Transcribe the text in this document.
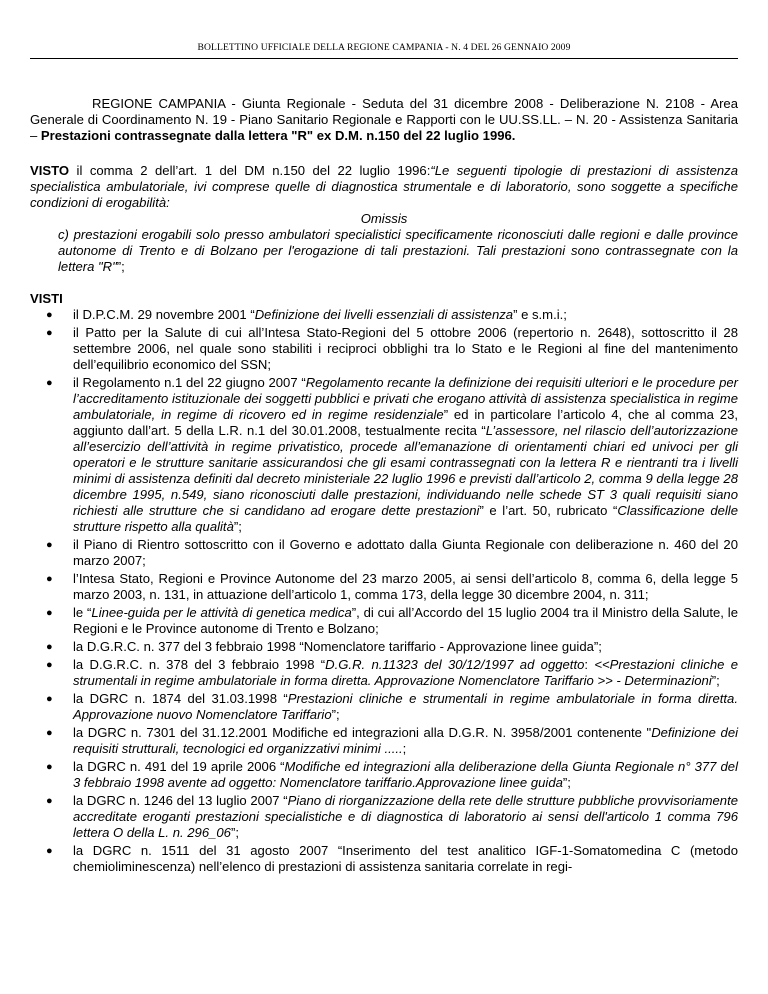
BOLLETTINO UFFICIALE DELLA REGIONE CAMPANIA - N. 4 DEL 26 GENNAIO 2009

REGIONE CAMPANIA - Giunta Regionale - Seduta del 31 dicembre 2008 - Deliberazione N. 2108 - Area Generale di Coordinamento N. 19 - Piano Sanitario Regionale e Rapporti con le UU.SS.LL. – N. 20 - Assistenza Sanitaria – Prestazioni contrassegnate dalla lettera "R" ex D.M. n.150 del 22 luglio 1996.

VISTO il comma 2 dell’art. 1 del DM n.150 del 22 luglio 1996:“Le seguenti tipologie di prestazioni di assistenza specialistica ambulatoriale, ivi comprese quelle di diagnostica strumentale e di laboratorio, sono soggette a specifiche condizioni di erogabilità:

Omissis

c) prestazioni erogabili solo presso ambulatori specialistici specificamente riconosciuti dalle regioni e dalle province autonome di Trento e di Bolzano per l'erogazione di tali prestazioni. Tali prestazioni sono contrassegnate con la lettera "R"”;

VISTI

● il D.P.C.M. 29 novembre 2001 “Definizione dei livelli essenziali di assistenza” e s.m.i.;
● il Patto per la Salute di cui all’Intesa Stato-Regioni del 5 ottobre 2006 (repertorio n. 2648), sottoscritto il 28 settembre 2006, nel quale sono stabiliti i reciproci obblighi tra lo Stato e le Regioni al fine del mantenimento dell’equilibrio economico del SSN;
● il Regolamento n.1 del 22 giugno 2007 “Regolamento recante la definizione dei requisiti ulteriori e le procedure per l’accreditamento istituzionale dei soggetti pubblici e privati che erogano attività di assistenza specialistica in regime ambulatoriale, in regime di ricovero ed in regime residenziale” ed in particolare l’articolo 4, che al comma 23, aggiunto dall’art. 5 della L.R. n.1 del 30.01.2008, testualmente recita “L’assessore, nel rilascio dell’autorizzazione all’esercizio dell’attività in regime privatistico, procede all’emanazione di orientamenti chiari ed univoci per gli operatori e le strutture sanitarie assicurandosi che gli esami contrassegnati con la lettera R e rientranti tra i livelli minimi di assistenza definiti dal decreto ministeriale 22 luglio 1996 e previsti dall’articolo 2, comma 9 della legge 28 dicembre 1995, n.549, siano riconosciuti dalle prestazioni, individuando nelle schede ST 3 quali requisiti siano richiesti alle strutture che si candidano ad erogare dette prestazioni” e l’art. 50, rubricato “Classificazione delle strutture rispetto alla qualità”;
● il Piano di Rientro sottoscritto con il Governo e adottato dalla Giunta Regionale con deliberazione n. 460 del 20 marzo 2007;
● l’Intesa Stato, Regioni e Province Autonome del 23 marzo 2005, ai sensi dell’articolo 8, comma 6, della legge 5 marzo 2003, n. 131, in attuazione dell’articolo 1, comma 173, della legge 30 dicembre 2004, n. 311;
● le “Linee-guida per le attività di genetica medica”, di cui all’Accordo del 15 luglio 2004 tra il Ministro della Salute, le Regioni e le Province autonome di Trento e Bolzano;
● la D.G.R.C. n. 377 del 3 febbraio 1998 “Nomenclatore tariffario - Approvazione linee guida”;
● la D.G.R.C. n. 378 del 3 febbraio 1998 “D.G.R. n.11323 del 30/12/1997 ad oggetto: <<Prestazioni cliniche e strumentali in regime ambulatoriale in forma diretta. Approvazione Nomenclatore Tariffario >> - Determinazioni”;
● la DGRC n. 1874 del 31.03.1998 “Prestazioni cliniche e strumentali in regime ambulatoriale in forma diretta. Approvazione nuovo Nomenclatore Tariffario”;
● la DGRC n. 7301 del 31.12.2001 Modifiche ed integrazioni alla D.G.R. N. 3958/2001 contenente "Definizione dei requisiti strutturali, tecnologici ed organizzativi minimi .....;
● la DGRC n. 491 del 19 aprile 2006 “Modifiche ed integrazioni alla deliberazione della Giunta Regionale n° 377 del 3 febbraio 1998 avente ad oggetto: Nomenclatore tariffario.Approvazione linee guida”;
● la DGRC n. 1246 del 13 luglio 2007 “Piano di riorganizzazione della rete delle strutture pubbliche provvisoriamente accreditate eroganti prestazioni specialistiche e di diagnostica di laboratorio ai sensi dell'articolo 1 comma 796 lettera O della L. n. 296_06”;
● la DGRC n. 1511 del 31 agosto 2007 “Inserimento del test analitico IGF-1-Somatomedina C (metodo chemioliminescenza) nell’elenco di prestazioni di assistenza sanitaria correlate in regi-
